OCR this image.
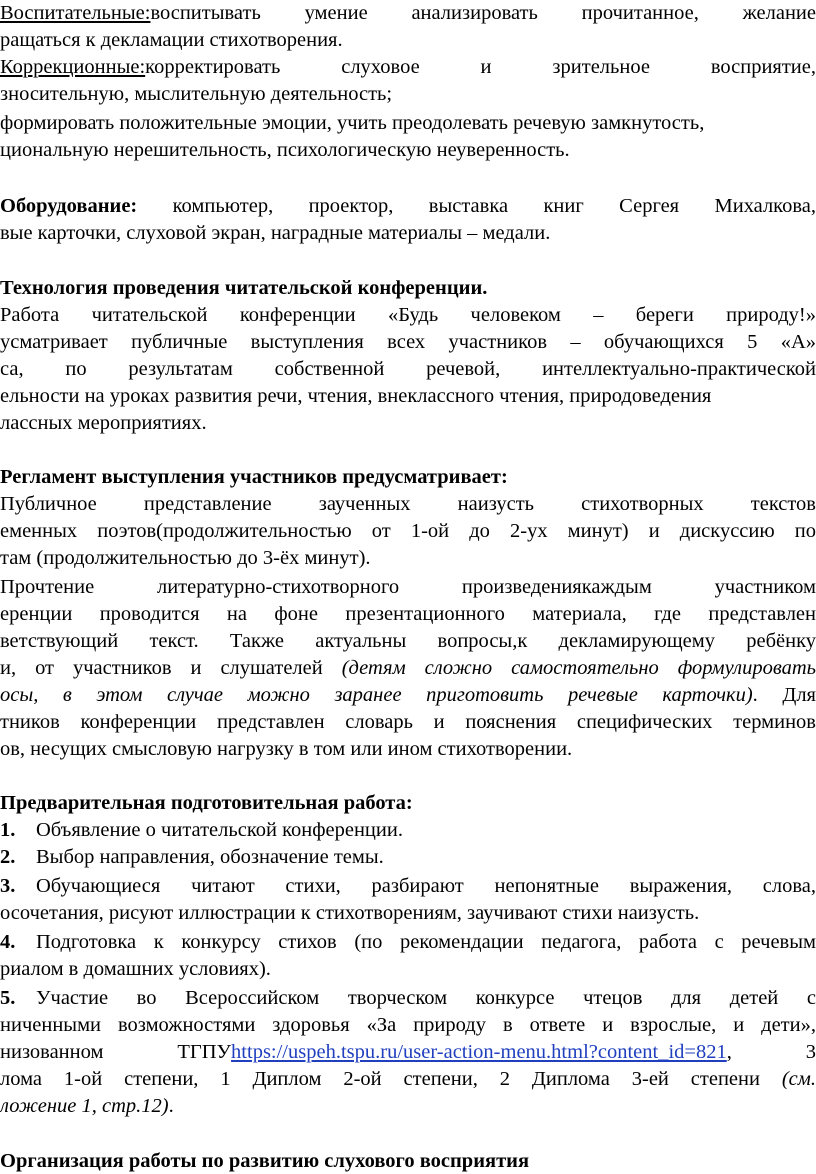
Воспитательные:воспитывать умение анализировать прочитанное, желание
ращаться к декламации стихотворения.
Коррекционные:корректировать слуховое и зрительное восприятие,
зносительную, мыслительную деятельность;
формировать положительные эмоции, учить преодолевать речевую замкнутость,
циональную нерешительность, психологическую неуверенность.
Оборудование: компьютер, проектор, выставка книг Сергея Михалкова,
вые карточки, слуховой экран, наградные материалы – медали.
Технология проведения читательской конференции.
Работа читательской конференции «Будь человеком – береги природу!»
усматривает публичные выступления всех участников – обучающихся 5 «А»
са, по результатам собственной речевой, интеллектуально-практической
ельности на уроках развития речи, чтения, внеклассного чтения, природоведения
лассных мероприятиях.
Регламент выступления участников предусматривает:
Публичное представление заученных наизусть стихотворных текстов
еменных поэтов(продолжительностью от 1-ой до 2-ух минут) и дискуссию по
там (продолжительностью до 3-ёх минут).
Прочтение литературно-стихотворного произведениякаждым участником
еренции проводится на фоне презентационного материала, где представлен
ветствующий текст. Также актуальны вопросы,к декламирующему ребёнку
и, от участников и слушателей (детям сложно самостоятельно формулировать
осы, в этом случае можно заранее приготовить речевые карточки). Для
тников конференции представлен словарь и пояснения специфических терминов
ов, несущих смысловую нагрузку в том или ином стихотворении.
Предварительная подготовительная работа:
1. Объявление о читательской конференции.
2. Выбор направления, обозначение темы.
3.	Обучающиеся читают стихи, разбирают непонятные выражения, слова,
осочетания, рисуют иллюстрации к стихотворениям, заучивают стихи наизусть.
4.	Подготовка к конкурсу стихов (по рекомендации педагога, работа с речевым
риалом в домашних условиях).
5.	Участие во Всероссийском творческом конкурсе чтецов для детей с
ниченными возможностями здоровья «За природу в ответе и взрослые, и дети»,
низованном ТГПУhttps://uspeh.tspu.ru/user-action-menu.html?content_id=821, 3
лома 1-ой степени, 1 Диплом 2-ой степени, 2 Диплома 3-ей степени (см.
ложение 1, стр.12).
Организация работы по развитию слухового восприятия
